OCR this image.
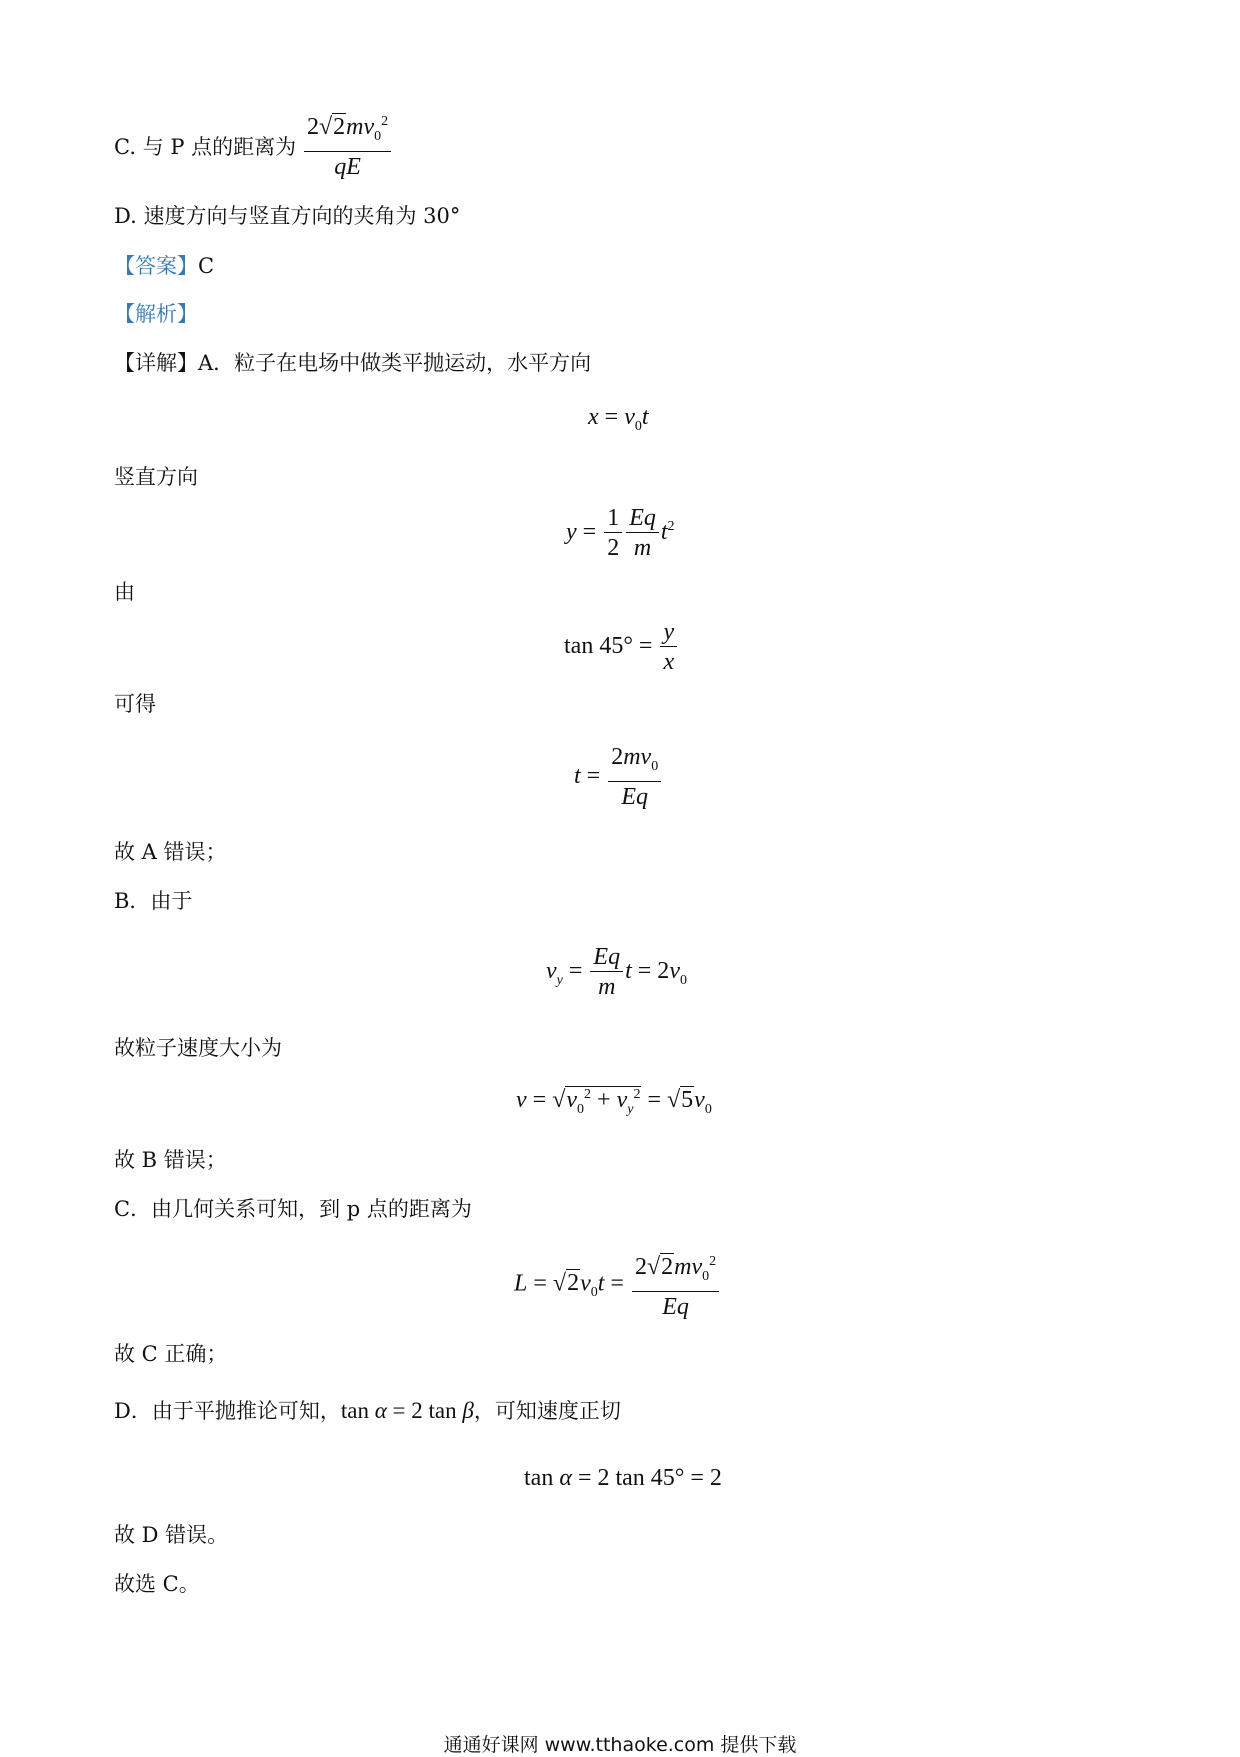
C. 与 P 点的距离为 $\frac{2√2mv_0^2}{qE}$
D. 速度方向与竖直方向的夹角为 30°
【答案】C
【解析】
【详解】A．粒子在电场中做类平抛运动，水平方向
$x = v_0t$
竖直方向
$y = \frac{1}{2} \frac{Eq}{m} t^2$
由
$\tan 45^\circ = \frac{y}{x}$
可得
$t = \frac{2mv_0}{Eq}$
故 A 错误；
B．由于
$v_y = \frac{Eq}{m}$ $t = 2v_0$
故粒子速度大小为
$v = √v_0^2 + v_y^2 = √5v_0$
故 B 错误；
C．由几何关系可知，到 p 点的距离为
$L = √2v_0t = \frac{2√2mv_0^2}{Eq}$
故 C 正确；
D．由于平抛推论可知，tan α = 2 tan β，可知速度正切
tan α = 2 tan 45° = 2
故 D 错误。
故选 C。
通通好课网 www.tthaoke.com 提供下载
